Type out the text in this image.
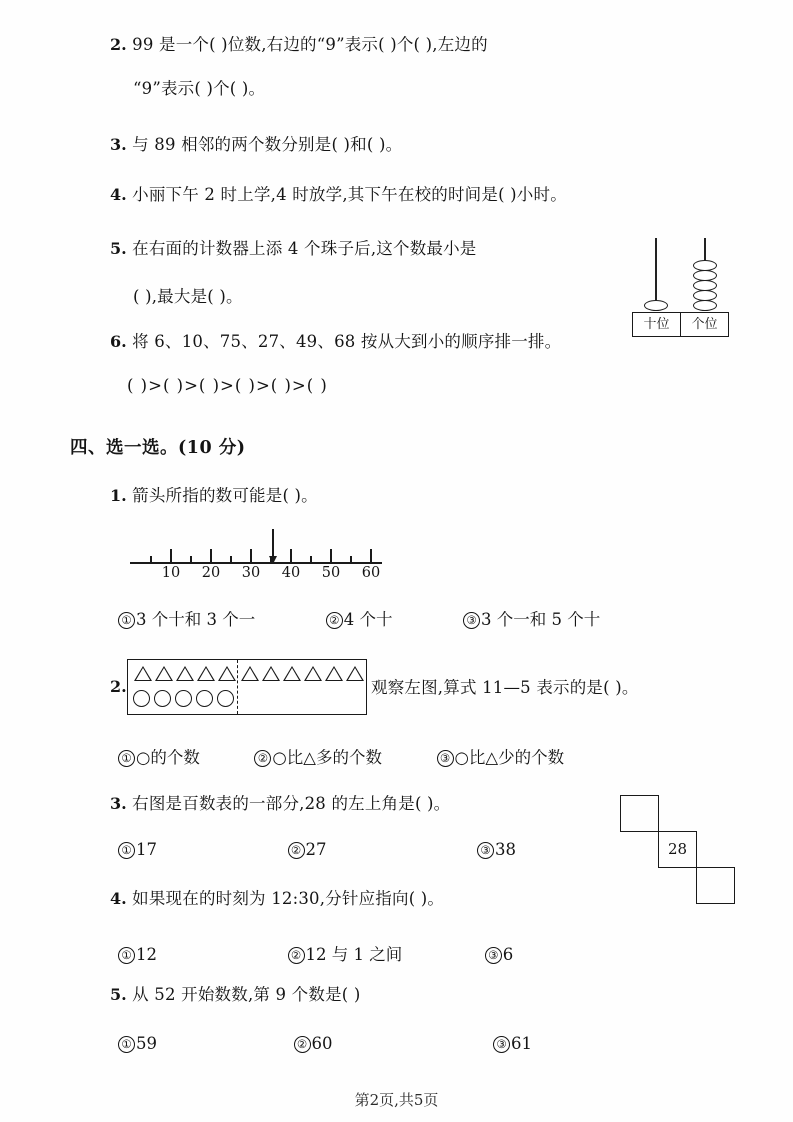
2. 99 是一个( )位数,右边的“9”表示( )个( ),左边的
“9”表示( )个( )。
3. 与 89 相邻的两个数分别是( )和( )。
4. 小丽下午 2 时上学,4 时放学,其下午在校的时间是( )小时。
5. 在右面的计数器上添 4 个珠子后,这个数最小是
( ),最大是( )。
6. 将 6、10、75、27、49、68 按从大到小的顺序排一排。
( )>( )>( )>( )>( )>( )
十位	个位
四、选一选。(10 分)
1. 箭头所指的数可能是( )。
10 20 30 40 50 60
① 3 个十和 3 个一	② 4 个十	③ 3 个一和 5 个十
2.	观察左图,算式 11—5 表示的是( )。
① ○的个数	② ○比△多的个数	③ ○比△少的个数
3. 右图是百数表的一部分,28 的左上角是( )。
28
① 17	② 27	③ 38
4. 如果现在的时刻为 12:30,分针应指向( )。
① 12	② 12 与 1 之间	③ 6
5. 从 52 开始数数,第 9 个数是( )
① 59	② 60	③ 61
第2页,共5页
